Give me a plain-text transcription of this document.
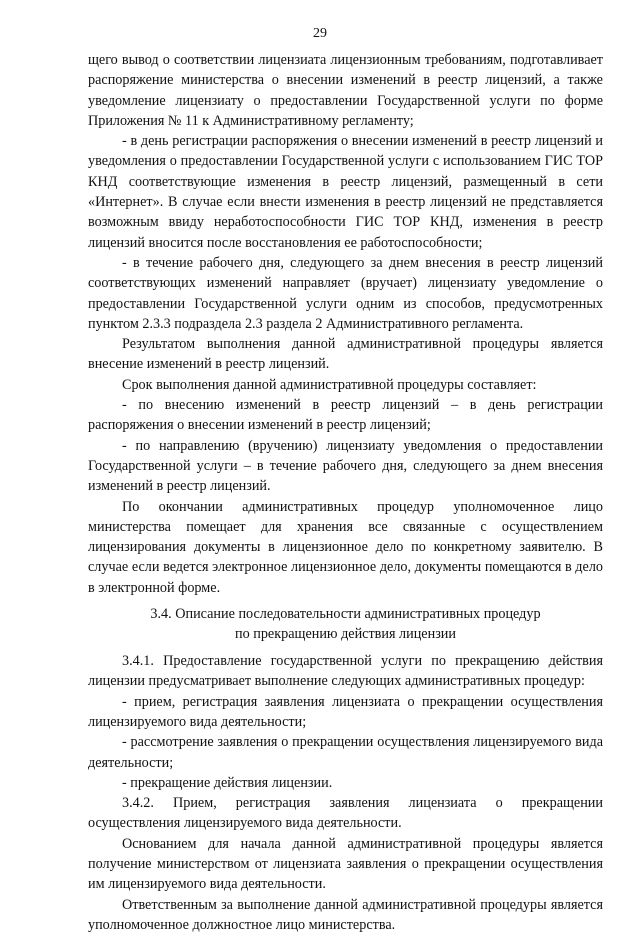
29

щего вывод о соответствии лицензиата лицензионным требованиям, подготавливает распоряжение министерства о внесении изменений в реестр лицензий, а также уведомление лицензиату о предоставлении Государственной услуги по форме Приложения № 11 к Административному регламенту;

- в день регистрации распоряжения о внесении изменений в реестр лицензий и уведомления о предоставлении Государственной услуги с использованием ГИС ТОР КНД соответствующие изменения в реестр лицензий, размещенный в сети «Интернет». В случае если внести изменения в реестр лицензий не представляется возможным ввиду неработоспособности ГИС ТОР КНД, изменения в реестр лицензий вносится после восстановления ее работоспособности;

- в течение рабочего дня, следующего за днем внесения в реестр лицензий соответствующих изменений направляет (вручает) лицензиату уведомление о предоставлении Государственной услуги одним из способов, предусмотренных пунктом 2.3.3 подраздела 2.3 раздела 2 Административного регламента.

Результатом выполнения данной административной процедуры является внесение изменений в реестр лицензий.

Срок выполнения данной административной процедуры составляет:

- по внесению изменений в реестр лицензий – в день регистрации распоряжения о внесении изменений в реестр лицензий;

- по направлению (вручению) лицензиату уведомления о предоставлении Государственной услуги – в течение рабочего дня, следующего за днем внесения изменений в реестр лицензий.

По окончании административных процедур уполномоченное лицо министерства помещает для хранения все связанные с осуществлением лицензирования документы в лицензионное дело по конкретному заявителю. В случае если ведется электронное лицензионное дело, документы помещаются в дело в электронной форме.

3.4. Описание последовательности административных процедур
по прекращению действия лицензии

3.4.1. Предоставление государственной услуги по прекращению действия лицензии предусматривает выполнение следующих административных процедур:

- прием, регистрация заявления лицензиата о прекращении осуществления лицензируемого вида деятельности;

- рассмотрение заявления о прекращении осуществления лицензируемого вида деятельности;

- прекращение действия лицензии.

3.4.2. Прием, регистрация заявления лицензиата о прекращении осуществления лицензируемого вида деятельности.

Основанием для начала данной административной процедуры является получение министерством от лицензиата заявления о прекращении осуществления им лицензируемого вида деятельности.

Ответственным за выполнение данной административной процедуры является уполномоченное должностное лицо министерства.
